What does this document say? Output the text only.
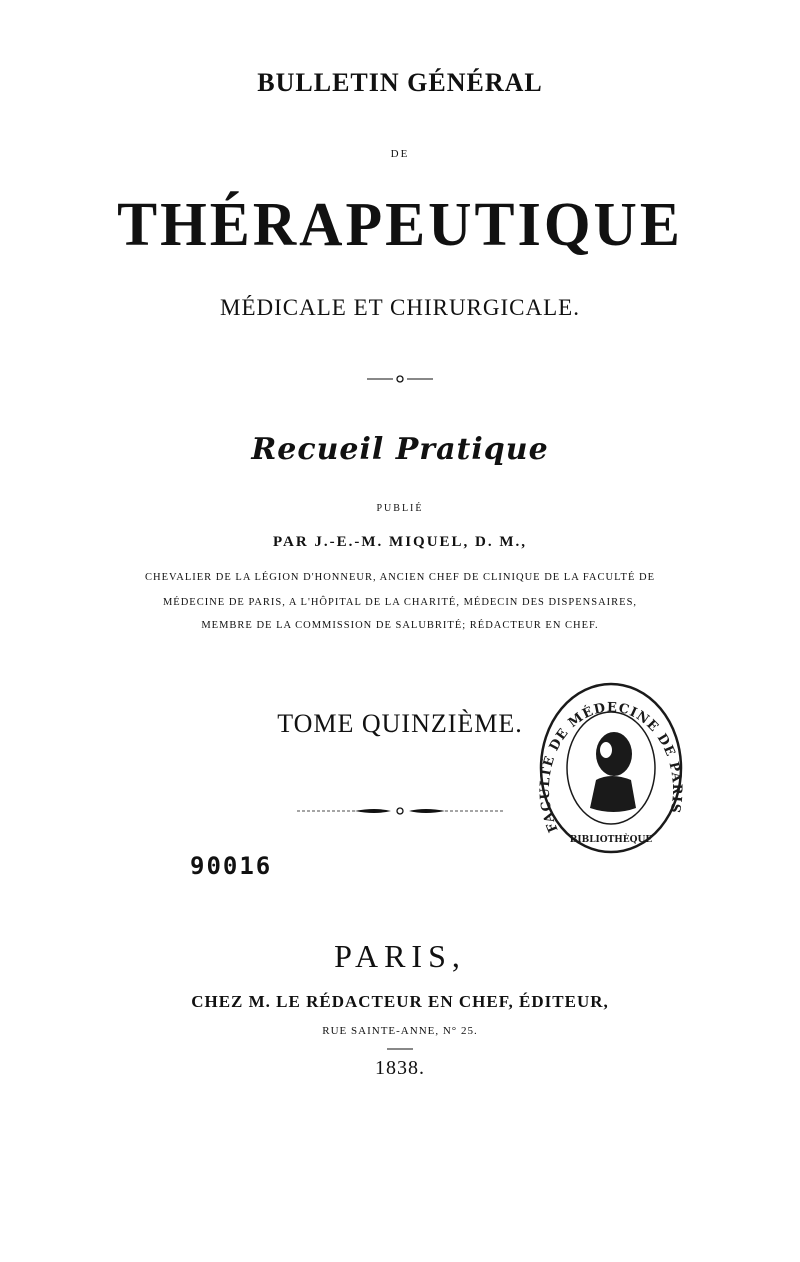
BULLETIN GÉNÉRAL
DE
THÉRAPEUTIQUE
MÉDICALE ET CHIRURGICALE.
Recueil Pratique
PUBLIÉ
PAR J.-E.-M. MIQUEL, D. M.,
CHEVALIER DE LA LÉGION D'HONNEUR, ANCIEN CHEF DE CLINIQUE DE LA FACULTÉ DE
MÉDECINE DE PARIS, A L'HÔPITAL DE LA CHARITÉ, MÉDECIN DES DISPENSAIRES,
MEMBRE DE LA COMMISSION DE SALUBRITÉ; RÉDACTEUR EN CHEF.
TOME QUINZIÈME.
90016
FACULTÉ DE MÉDECINE DE PARIS
BIBLIOTHÈQUE
PARIS,
CHEZ M. LE RÉDACTEUR EN CHEF, ÉDITEUR,
RUE SAINTE-ANNE, N° 25.
1838.
